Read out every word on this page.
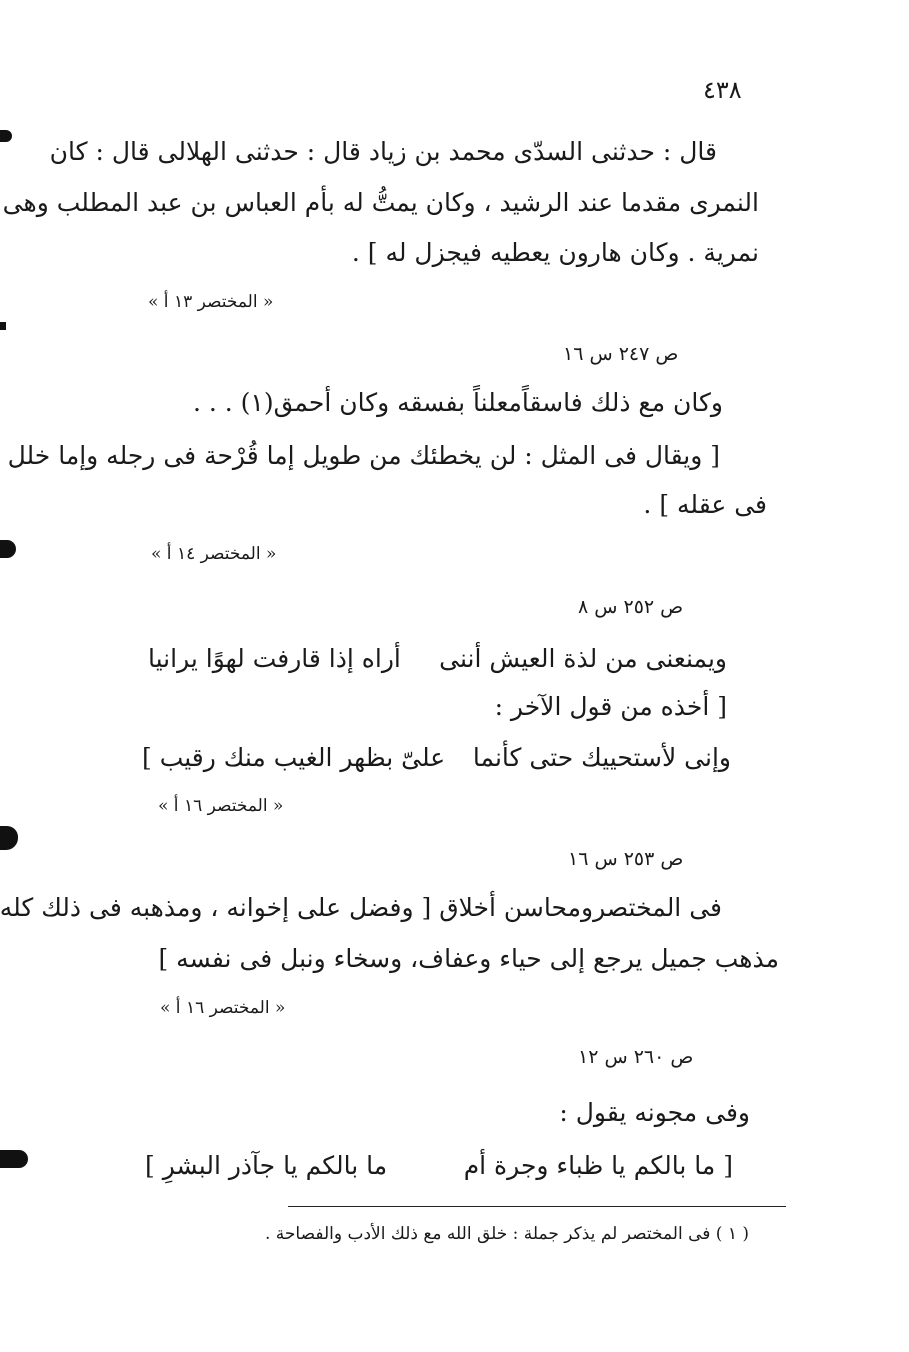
٤٣٨
قال : حدثنى السدّى محمد بن زياد قال : حدثنى الهلالى قال : كان
النمرى مقدما عند الرشيد ، وكان يمتُّ له بأم العباس بن عبد المطلب وهى
نمرية . وكان هارون يعطيه فيجزل له ] .
« المختصر ١٣ أ »
ص ٢٤٧ س ١٦
وكان مع ذلك فاسقاًمعلناً بفسقه وكان أحمق(١) . . .
[ ويقال فى المثل : لن يخطئك من طويل إما قُرْحة فى رجله وإما خلل
فى عقله ] .
« المختصر ١٤ أ »
ص ٢٥٢ س ٨
ويمنعنى من لذة العيش أننى
أراه إذا قارفت لهوًا يرانيا
[ أخذه من قول الآخر :
وإنى لأستحييك حتى كأنما
علىّ بظهر الغيب منك رقيب ]
« المختصر ١٦ أ »
ص ٢٥٣ س ١٦
فى المختصرومحاسن أخلاق [ وفضل على إخوانه ، ومذهبه فى ذلك كله
مذهب جميل يرجع إلى حياء وعفاف، وسخاء ونبل فى نفسه ]
« المختصر ١٦ أ »
ص ٢٦٠ س ١٢
وفى مجونه يقول :
[ ما بالكم يا ظباء وجرة أم
ما بالكم يا جآذر البشرِ ]
( ١ ) فى المختصر لم يذكر جملة : خلق الله مع ذلك الأدب والفصاحة .
